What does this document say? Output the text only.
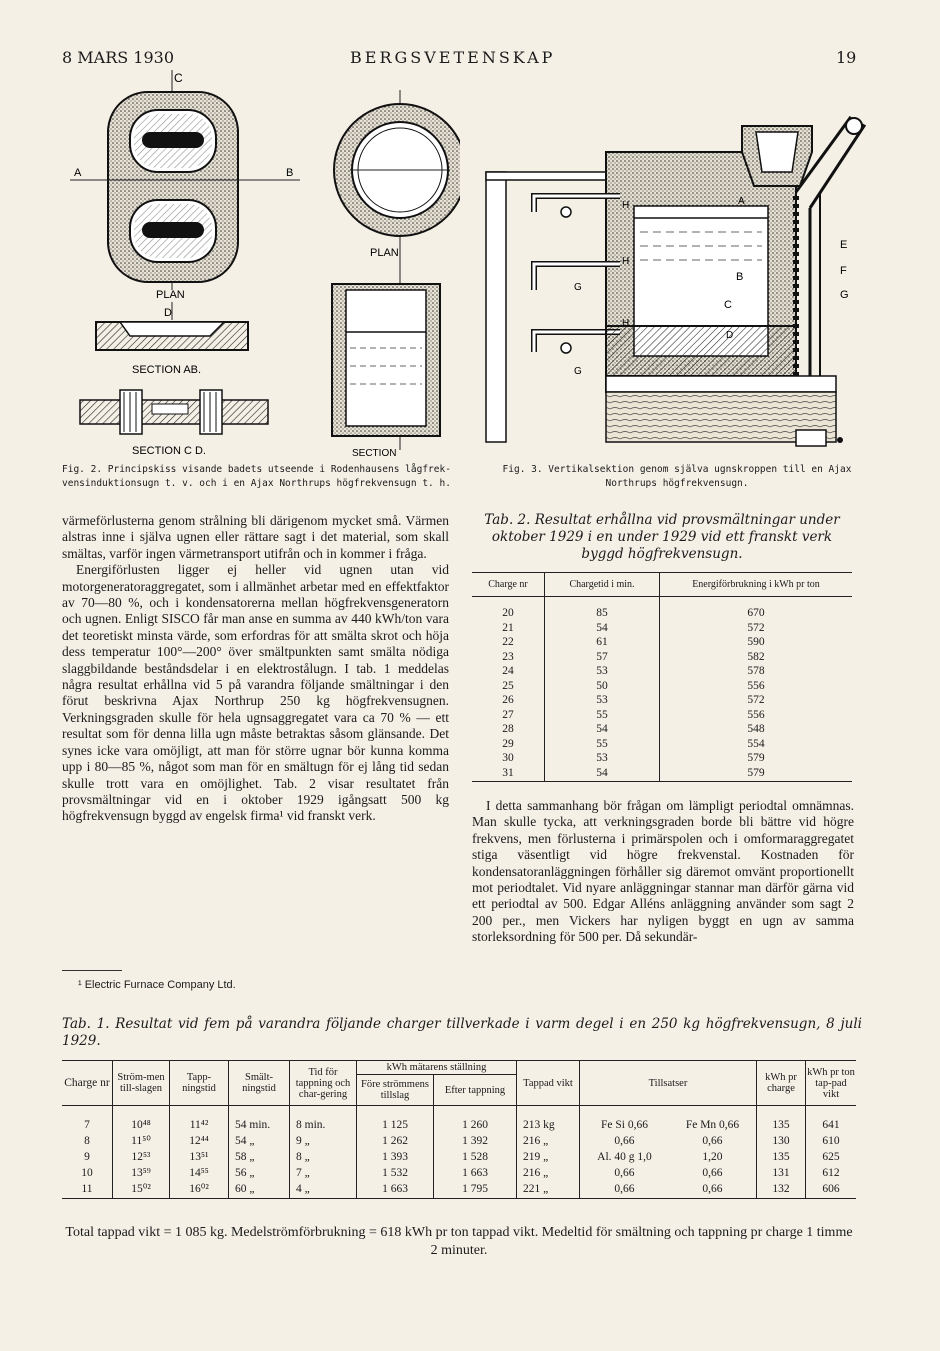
8 MARS 1930	BERGSVETENSKAP	19
C
A	B
PLAN
D
SECTION AB.
SECTION C D.
PLAN
SECTION
Fig. 2. Principskiss visande badets utseende i Rodenhausens lågfrek-vensinduktionsugn t. v. och i en Ajax Northrups högfrekvensugn t. h.
H
H
H
A
B
C
D
E
F
G
G
G
Fig. 3. Vertikalsektion genom själva ugnskroppen till en Ajax Northrups högfrekvensugn.

värmeförlusterna genom strålning bli därigenom mycket små. Värmen alstras inne i själva ugnen eller rättare sagt i det material, som skall smältas, varför ingen värmetransport utifrån och in kommer i fråga.

Energiförlusten ligger ej heller vid ugnen utan vid motorgeneratoraggregatet, som i allmänhet arbetar med en effektfaktor av 70—80 %, och i kondensatorerna mellan högfrekvensgeneratorn och ugnen. Enligt SISCO får man anse en summa av 440 kWh/ton vara det teoretiskt minsta värde, som erfordras för att smälta skrot och höja dess temperatur 100°—200° över smältpunkten samt smälta nödiga slaggbildande beståndsdelar i en elektrostålugn. I tab. 1 meddelas några resultat erhållna vid 5 på varandra följande smältningar i den förut beskrivna Ajax Northrup 250 kg högfrekvensugnen. Verkningsgraden skulle för hela ugnsaggregatet vara ca 70 % — ett resultat som för denna lilla ugn måste betraktas såsom glänsande. Det synes icke vara omöjligt, att man för större ugnar bör kunna komma upp i 80—85 %, något som man för en smältugn för ej lång tid sedan skulle trott vara en omöjlighet. Tab. 2 visar resultatet från provsmältningar vid en i oktober 1929 igångsatt 500 kg högfrekvensugn byggd av engelsk firma¹ vid franskt verk.

¹ Electric Furnace Company Ltd.
Tab. 2. Resultat erhållna vid provsmältningar under oktober 1929 i en under 1929 vid ett franskt verk byggd högfrekvensugn.
Charge nr	Chargetid i min.	Energiförbrukning i kWh pr ton
20	85	670
21	54	572
22	61	590
23	57	582
24	53	578
25	50	556
26	53	572
27	55	556
28	54	548
29	55	554
30	53	579
31	54	579

I detta sammanhang bör frågan om lämpligt periodtal omnämnas. Man skulle tycka, att verkningsgraden borde bli bättre vid högre frekvens, men förlusterna i primärspolen och i omformaraggregatet stiga väsentligt vid högre frekvenstal. Kostnaden för kondensatoranläggningen förhåller sig däremot omvänt proportionellt mot periodtalet. Vid nyare anläggningar stannar man därför gärna vid ett periodtal av 500. Edgar Alléns anläggning använder som sagt 2 200 per., men Vickers har nyligen byggt en ugn av samma storleksordning för 500 per. Då sekundär-

Tab. 1. Resultat vid fem på varandra följande charger tillverkade i varm degel i en 250 kg högfrekvensugn, 8 juli 1929.
Charge nr	Ström-men till-slagen	Tapp-ningstid	Smält-ningstid	Tid för tappning och char-gering	kWh mätarens ställning		Tappad vikt	Tillsatser		kWh pr charge	kWh pr ton tap-pad vikt
					Före strömmens tillslag	Efter tappning					
7	10⁴⁸	11⁴²	54 min.	8 min.	1 125	1 260	213 kg	Fe Si 0,66	Fe Mn 0,66	135	641
8	11⁵⁰	12⁴⁴	54 „	9 „	1 262	1 392	216 „	0,66	0,66	130	610
9	12⁵³	13⁵¹	58 „	8 „	1 393	1 528	219 „	Al. 40 g 1,0	1,20	135	625
10	13⁵⁹	14⁵⁵	56 „	7 „	1 532	1 663	216 „	0,66	0,66	131	612
11	15⁰²	16⁰²	60 „	4 „	1 663	1 795	221 „	0,66	0,66	132	606
Total tappad vikt = 1 085 kg. Medelströmförbrukning = 618 kWh pr ton tappad vikt. Medeltid för smältning och tappning pr charge 1 timme 2 minuter.
